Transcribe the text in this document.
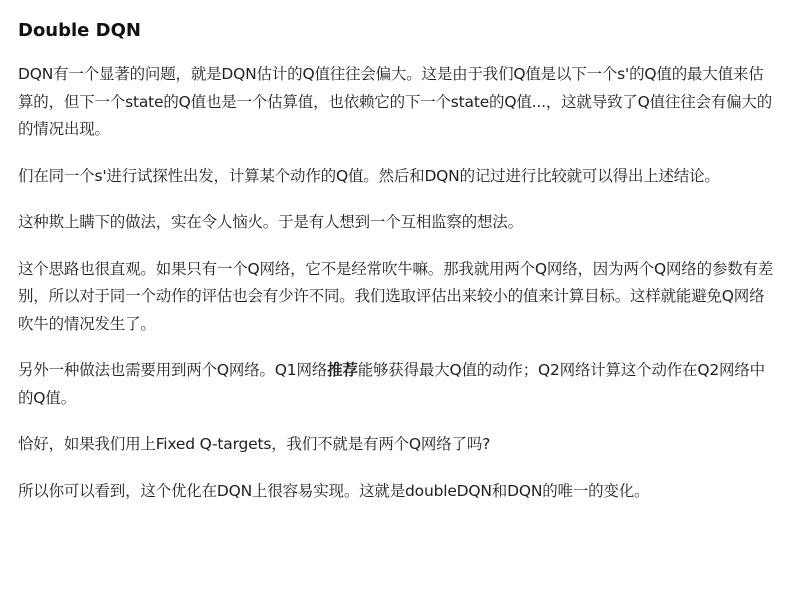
Double DQN

DQN有一个显著的问题，就是DQN估计的Q值往往会偏大。这是由于我们Q值是以下一个s'的Q值的最大值来估算的，但下一个state的Q值也是一个估算值，也依赖它的下一个state的Q值...，这就导致了Q值往往会有偏大的的情况出现。

们在同一个s'进行试探性出发，计算某个动作的Q值。然后和DQN的记过进行比较就可以得出上述结论。

这种欺上瞒下的做法，实在令人恼火。于是有人想到一个互相监察的想法。

这个思路也很直观。如果只有一个Q网络，它不是经常吹牛嘛。那我就用两个Q网络，因为两个Q网络的参数有差别，所以对于同一个动作的评估也会有少许不同。我们选取评估出来较小的值来计算目标。这样就能避免Q网络吹牛的情况发生了。

另外一种做法也需要用到两个Q网络。Q1网络推荐能够获得最大Q值的动作；Q2网络计算这个动作在Q2网络中的Q值。

恰好，如果我们用上Fixed Q-targets，我们不就是有两个Q网络了吗?

所以你可以看到，这个优化在DQN上很容易实现。这就是doubleDQN和DQN的唯一的变化。
